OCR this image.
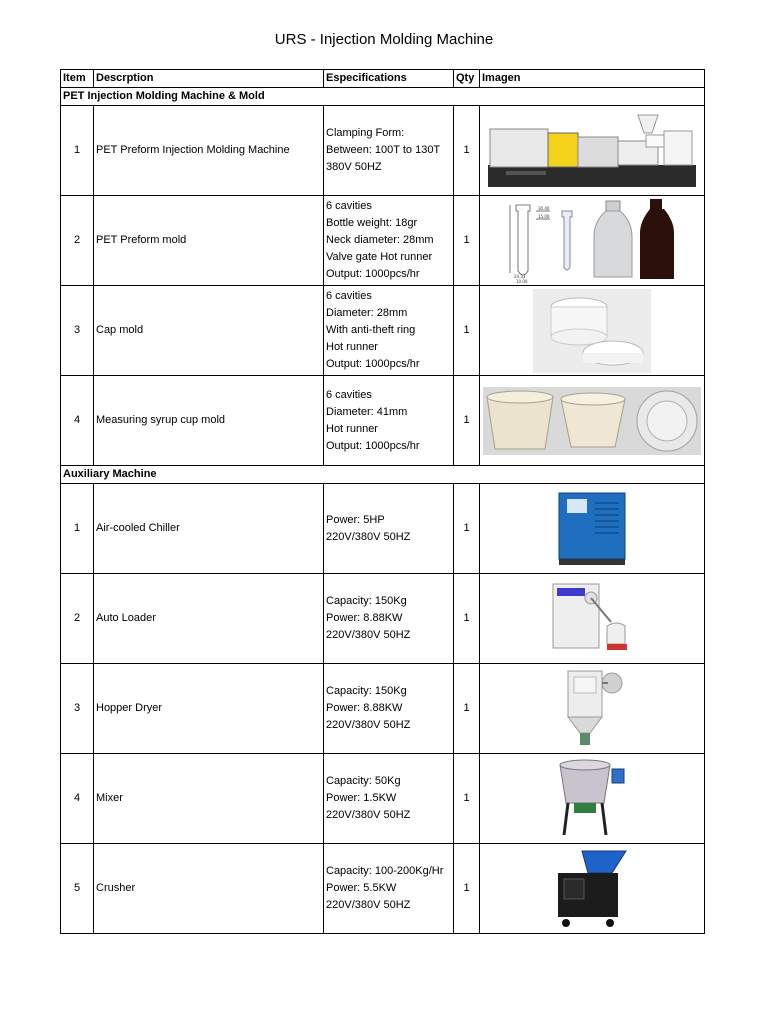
URS - Injection Molding Machine
Item	Descrption	Especifications	Qty	Imagen
PET Injection Molding Machine & Mold				
1	PET Preform Injection Molding Machine	Clamping Form:
Between: 100T to 130T
380V 50HZ	1	

2	PET Preform mold	6 cavities
Bottle weight: 18gr
Neck diameter: 28mm
Valve gate Hot runner
Output: 1000pcs/hr	1	30.40
15.00
24.33
10.00

3	Cap mold	6 cavities
Diameter: 28mm
With anti-theft ring
Hot runner
Output: 1000pcs/hr	1	

4	Measuring syrup cup mold	6 cavities
Diameter: 41mm
Hot runner
Output: 1000pcs/hr	1	

Auxiliary Machine				
1	Air-cooled Chiller	Power: 5HP
220V/380V 50HZ	1	

2	Auto Loader	Capacity: 150Kg
Power: 8.88KW
220V/380V 50HZ	1	

3	Hopper Dryer	Capacity: 150Kg
Power: 8.88KW
220V/380V 50HZ	1	

4	Mixer	Capacity: 50Kg
Power: 1.5KW
220V/380V 50HZ	1	

5	Crusher	Capacity: 100-200Kg/Hr
Power: 5.5KW
220V/380V 50HZ	1	
